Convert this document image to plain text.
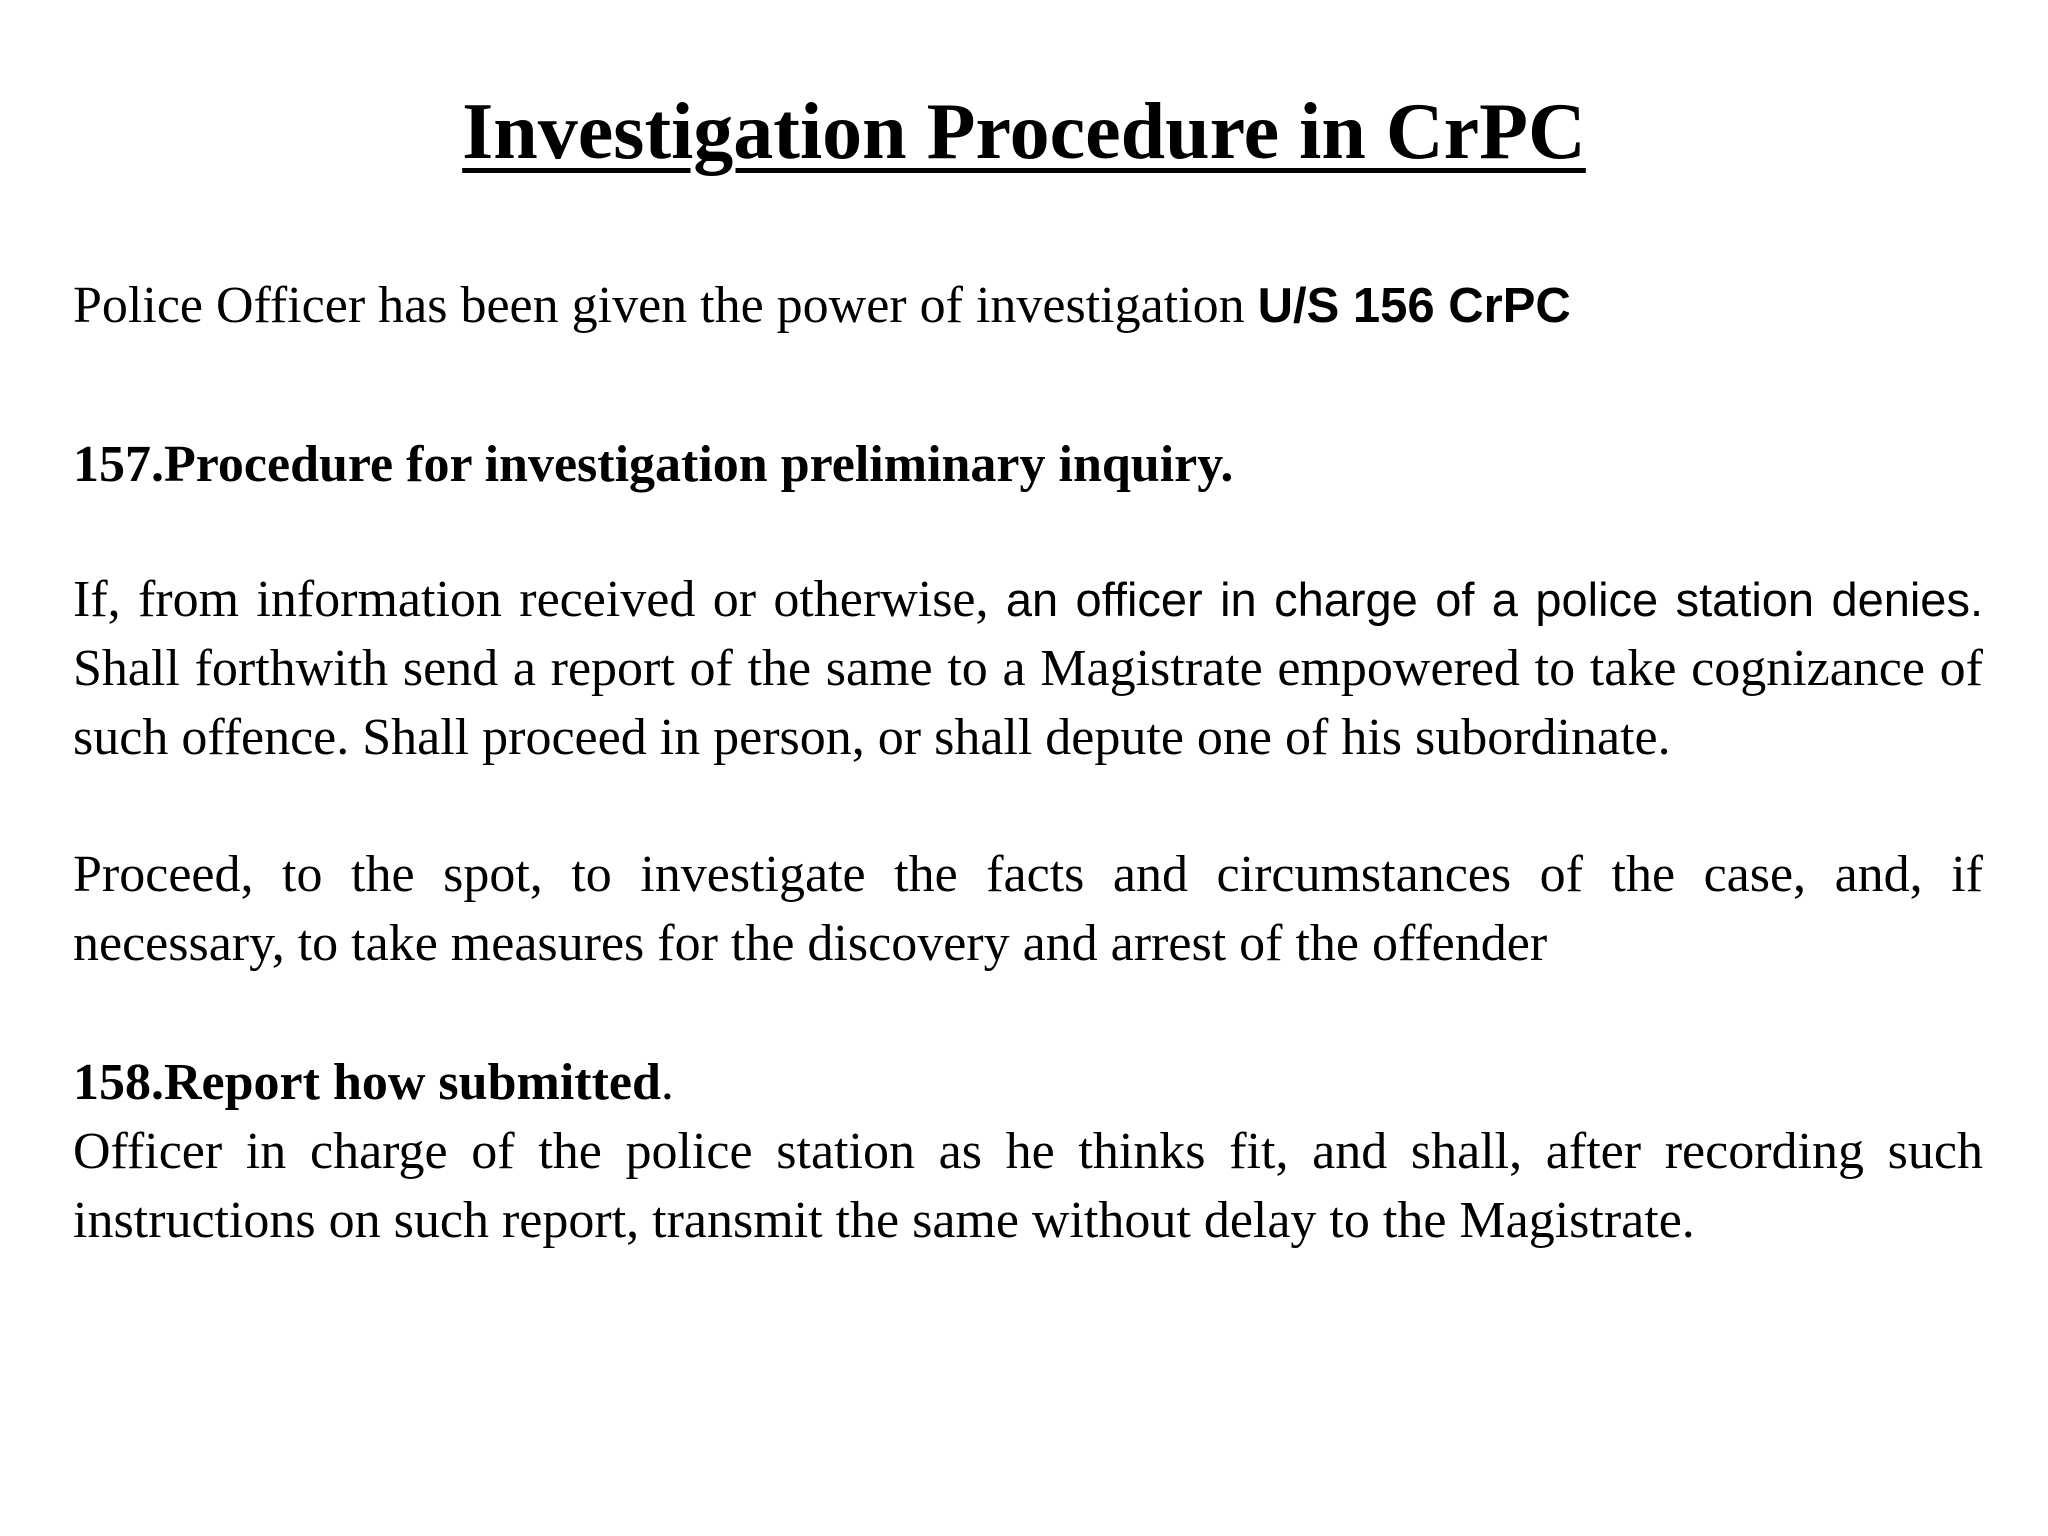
Investigation Procedure in CrPC

Police Officer has been given the power of investigation U/S 156 CrPC

157.Procedure for investigation preliminary inquiry.

If, from information received or otherwise, an officer in charge of a police station denies. Shall forthwith send a report of the same to a Magistrate empowered to take cognizance of such offence. Shall proceed in person, or shall depute one of his subordinate.

Proceed, to the spot, to investigate the facts and circumstances of the case, and, if necessary, to take measures for the discovery and arrest of the offender

158.Report how submitted.

Officer in charge of the police station as he thinks fit, and shall, after recording such instructions on such report, transmit the same without delay to the Magistrate.
